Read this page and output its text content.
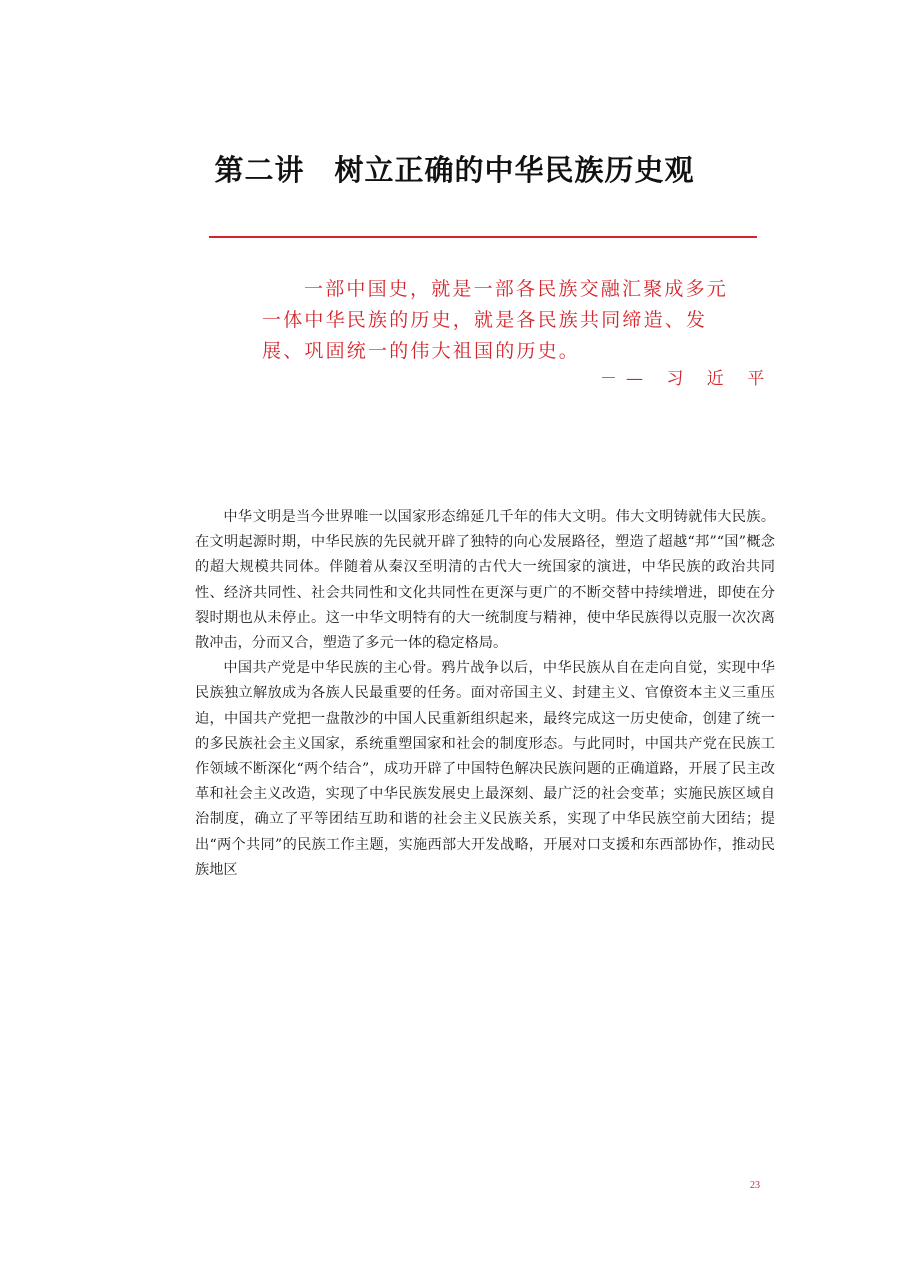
第二讲　树立正确的中华民族历史观
一部中国史，就是一部各民族交融汇聚成多元
一体中华民族的历史，就是各民族共同缔造、发
展、巩固统一的伟大祖国的历史。
－— 习 近 平

中华文明是当今世界唯一以国家形态绵延几千年的伟大文明。伟大文明铸就伟大民族。在文明起源时期，中华民族的先民就开辟了独特的向心发展路径，塑造了超越“邦”“国”概念的超大规模共同体。伴随着从秦汉至明清的古代大一统国家的演进，中华民族的政治共同性、经济共同性、社会共同性和文化共同性在更深与更广的不断交替中持续增进，即使在分裂时期也从未停止。这一中华文明特有的大一统制度与精神，使中华民族得以克服一次次离散冲击，分而又合，塑造了多元一体的稳定格局。

中国共产党是中华民族的主心骨。鸦片战争以后，中华民族从自在走向自觉，实现中华民族独立解放成为各族人民最重要的任务。面对帝国主义、封建主义、官僚资本主义三重压迫，中国共产党把一盘散沙的中国人民重新组织起来，最终完成这一历史使命，创建了统一的多民族社会主义国家，系统重塑国家和社会的制度形态。与此同时，中国共产党在民族工作领域不断深化“两个结合”，成功开辟了中国特色解决民族问题的正确道路，开展了民主改革和社会主义改造，实现了中华民族发展史上最深刻、最广泛的社会变革；实施民族区域自治制度，确立了平等团结互助和谐的社会主义民族关系，实现了中华民族空前大团结；提出“两个共同”的民族工作主题，实施西部大开发战略，开展对口支援和东西部协作，推动民族地区

23
